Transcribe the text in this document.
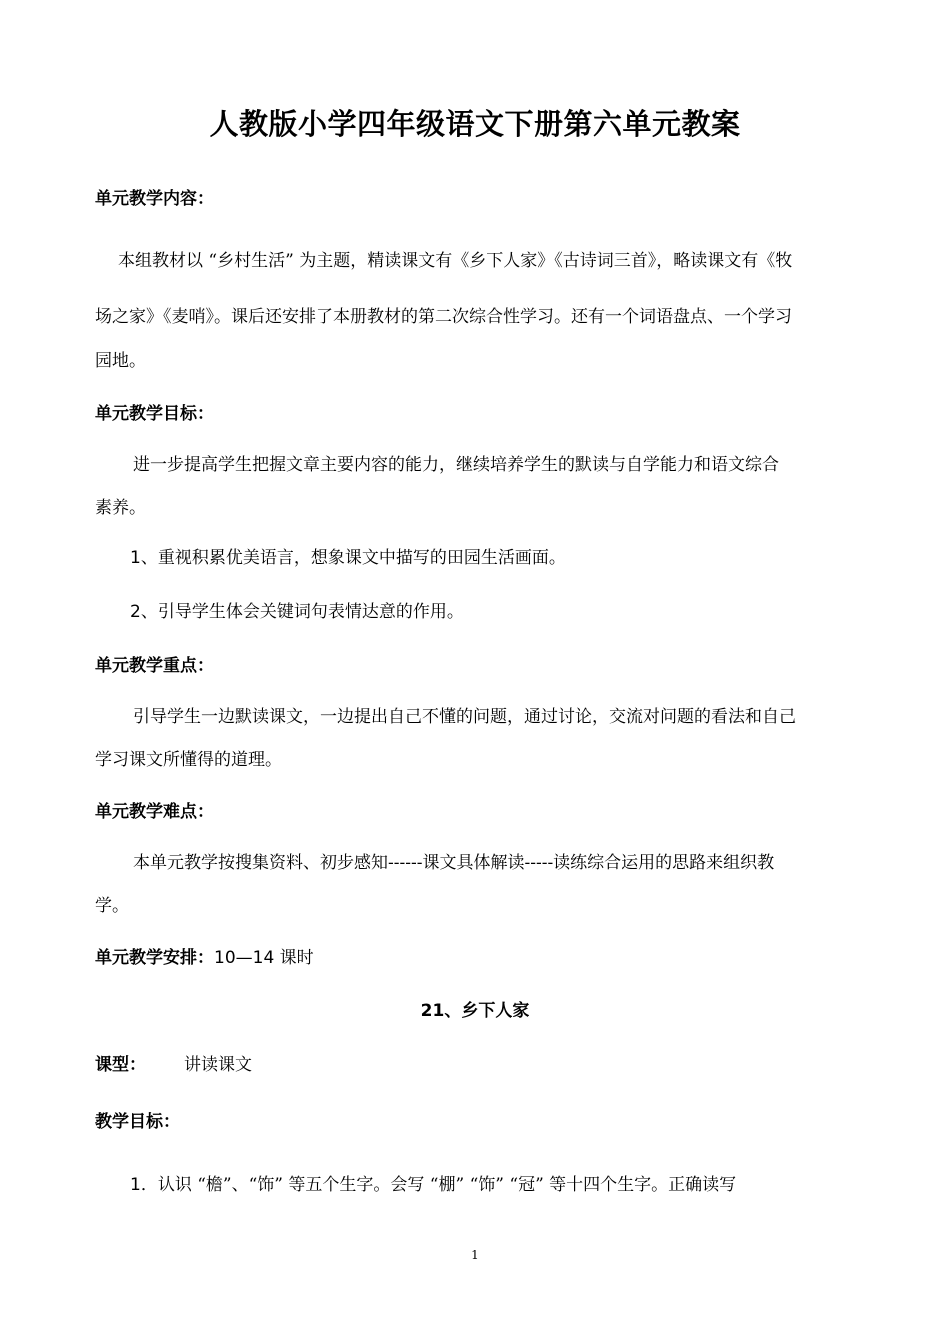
人教版小学四年级语文下册第六单元教案
单元教学内容：
本组教材以 “乡村生活” 为主题，精读课文有《乡下人家》《古诗词三首》，略读课文有《牧
场之家》《麦哨》。课后还安排了本册教材的第二次综合性学习。还有一个词语盘点、一个学习
园地。
单元教学目标：
进一步提高学生把握文章主要内容的能力，继续培养学生的默读与自学能力和语文综合
素养。
1、重视积累优美语言，想象课文中描写的田园生活画面。
2、引导学生体会关键词句表情达意的作用。
单元教学重点：
引导学生一边默读课文，一边提出自己不懂的问题，通过讨论，交流对问题的看法和自己
学习课文所懂得的道理。
单元教学难点：
本单元教学按搜集资料、初步感知------课文具体解读-----读练综合运用的思路来组织教
学。
单元教学安排：10—14 课时
21、乡下人家
课型： 讲读课文
教学目标：
1．认识 “檐”、“饰” 等五个生字。会写 “棚” “饰” “冠” 等十四个生字。正确读写
1
